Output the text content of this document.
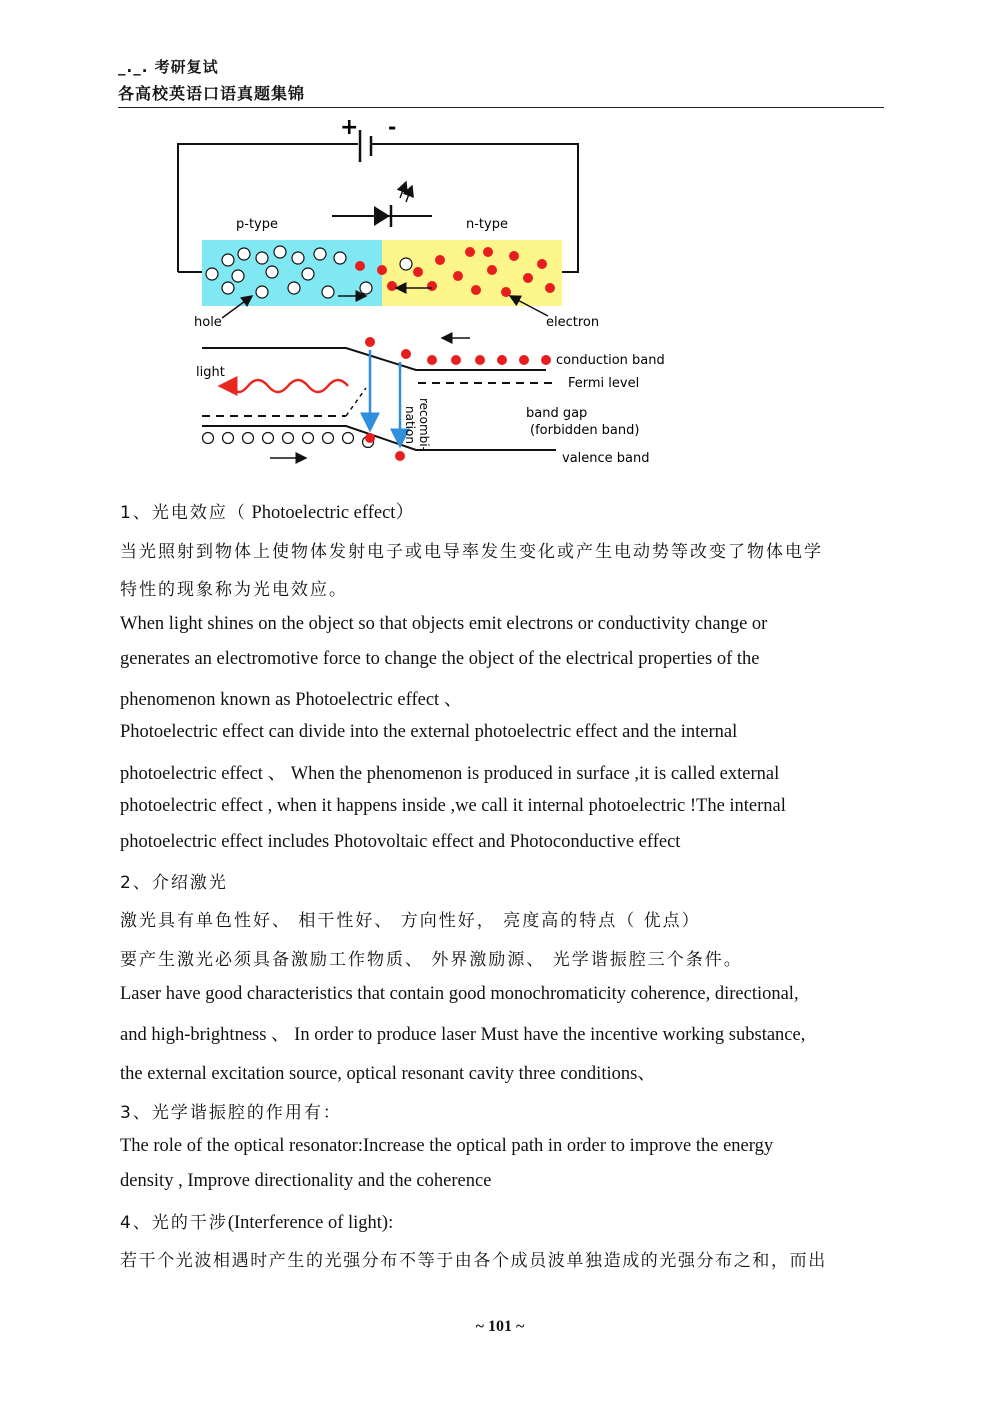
_._. 考研复试
各高校英语口语真题集锦
+ -
p-type	n-type
hole	electron
light
recombi-
nation
conduction band
Fermi level
band gap
(forbidden band)
valence band
1、光电效应（ Photoelectric effect）
当光照射到物体上使物体发射电子或电导率发生变化或产生电动势等改变了物体电学
特性的现象称为光电效应。
When light shines on the object so that objects emit electrons or conductivity change or
generates an electromotive force to change the object of the electrical properties of the
phenomenon known as Photoelectric effect 、
Photoelectric effect can divide into the external photoelectric effect and the internal
photoelectric effect 、 When the phenomenon is produced in surface ,it is called external
photoelectric effect , when it happens inside ,we call it internal photoelectric !The internal
photoelectric effect includes Photovoltaic effect and Photoconductive effect
2、介绍激光
激光具有单色性好、 相干性好、 方向性好， 亮度高的特点（ 优点）
要产生激光必须具备激励工作物质、 外界激励源、 光学谐振腔三个条件。
Laser have good characteristics that contain good monochromaticity coherence, directional,
and high-brightness 、 In order to produce laser Must have the incentive working substance,
the external excitation source, optical resonant cavity three conditions、
3、光学谐振腔的作用有：
The role of the optical resonator:Increase the optical path in order to improve the energy
density , Improve directionality and the coherence
4、光的干涉(Interference of light):
若干个光波相遇时产生的光强分布不等于由各个成员波单独造成的光强分布之和，而出
~ 101 ~
